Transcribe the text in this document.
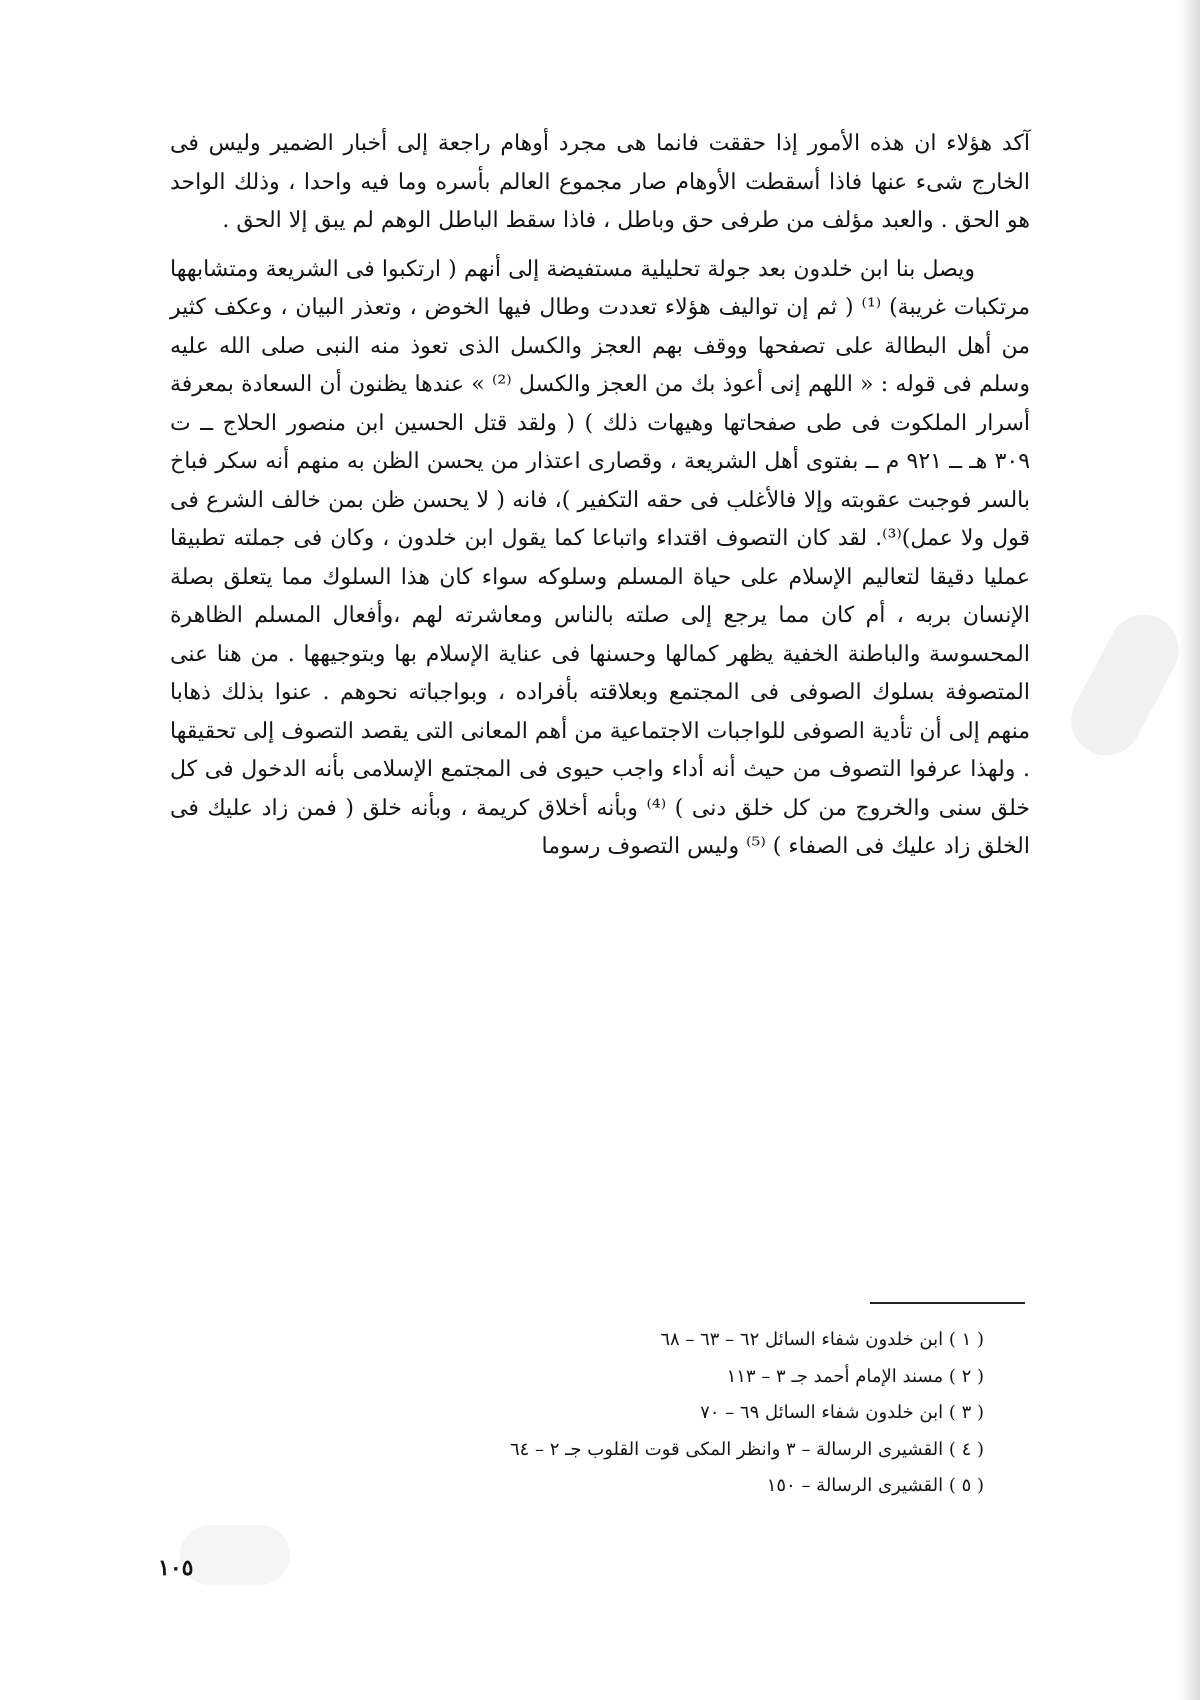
آكد هؤلاء ان هذه الأمور إذا حققت فانما هى مجرد أوهام راجعة إلى أخبار الضمير وليس فى الخارج شىء عنها فاذا أسقطت الأوهام صار مجموع العالم بأسره وما فيه واحدا ، وذلك الواحد هو الحق . والعبد مؤلف من طرفى حق وباطل ، فاذا سقط الباطل الوهم لم يبق إلا الحق .

ويصل بنا ابن خلدون بعد جولة تحليلية مستفيضة إلى أنهم ( ارتكبوا فى الشريعة ومتشابهها مرتكبات غريبة) ⁽¹⁾ ( ثم إن تواليف هؤلاء تعددت وطال فيها الخوض ، وتعذر البيان ، وعكف كثير من أهل البطالة على تصفحها ووقف بهم العجز والكسل الذى تعوذ منه النبى صلى الله عليه وسلم فى قوله : « اللهم إنى أعوذ بك من العجز والكسل ⁽²⁾ » عندها يظنون أن السعادة بمعرفة أسرار الملكوت فى طى صفحاتها وهيهات ذلك ) ( ولقد قتل الحسين ابن منصور الحلاج ــ ت ٣٠٩ هـ ــ ٩٢١ م ــ بفتوى أهل الشريعة ، وقصارى اعتذار من يحسن الظن به منهم أنه سكر فباخ بالسر فوجبت عقوبته وإلا فالأغلب فى حقه التكفير )، فانه ( لا يحسن ظن بمن خالف الشرع فى قول ولا عمل)⁽³⁾. لقد كان التصوف اقتداء واتباعا كما يقول ابن خلدون ، وكان فى جملته تطبيقا عمليا دقيقا لتعاليم الإسلام على حياة المسلم وسلوكه سواء كان هذا السلوك مما يتعلق بصلة الإنسان بربه ، أم كان مما يرجع إلى صلته بالناس ومعاشرته لهم ،وأفعال المسلم الظاهرة المحسوسة والباطنة الخفية يظهر كمالها وحسنها فى عناية الإسلام بها وبتوجيهها . من هنا عنى المتصوفة بسلوك الصوفى فى المجتمع وبعلاقته بأفراده ، وبواجباته نحوهم . عنوا بذلك ذهابا منهم إلى أن تأدية الصوفى للواجبات الاجتماعية من أهم المعانى التى يقصد التصوف إلى تحقيقها . ولهذا عرفوا التصوف من حيث أنه أداء واجب حيوى فى المجتمع الإسلامى بأنه الدخول فى كل خلق سنى والخروج من كل خلق دنى ) ⁽⁴⁾ وبأنه أخلاق كريمة ، وبأنه خلق ( فمن زاد عليك فى الخلق زاد عليك فى الصفاء ) ⁽⁵⁾ وليس التصوف رسوما

( ١ ) ابن خلدون شفاء السائل ٦٢ – ٦٣ – ٦٨
( ٢ ) مسند الإمام أحمد جـ ٣ – ١١٣
( ٣ ) ابن خلدون شفاء السائل ٦٩ – ٧٠
( ٤ ) القشيرى الرسالة – ٣ وانظر المكى قوت القلوب جـ ٢ – ٦٤
( ٥ ) القشيرى الرسالة – ١٥٠
١٠٥
